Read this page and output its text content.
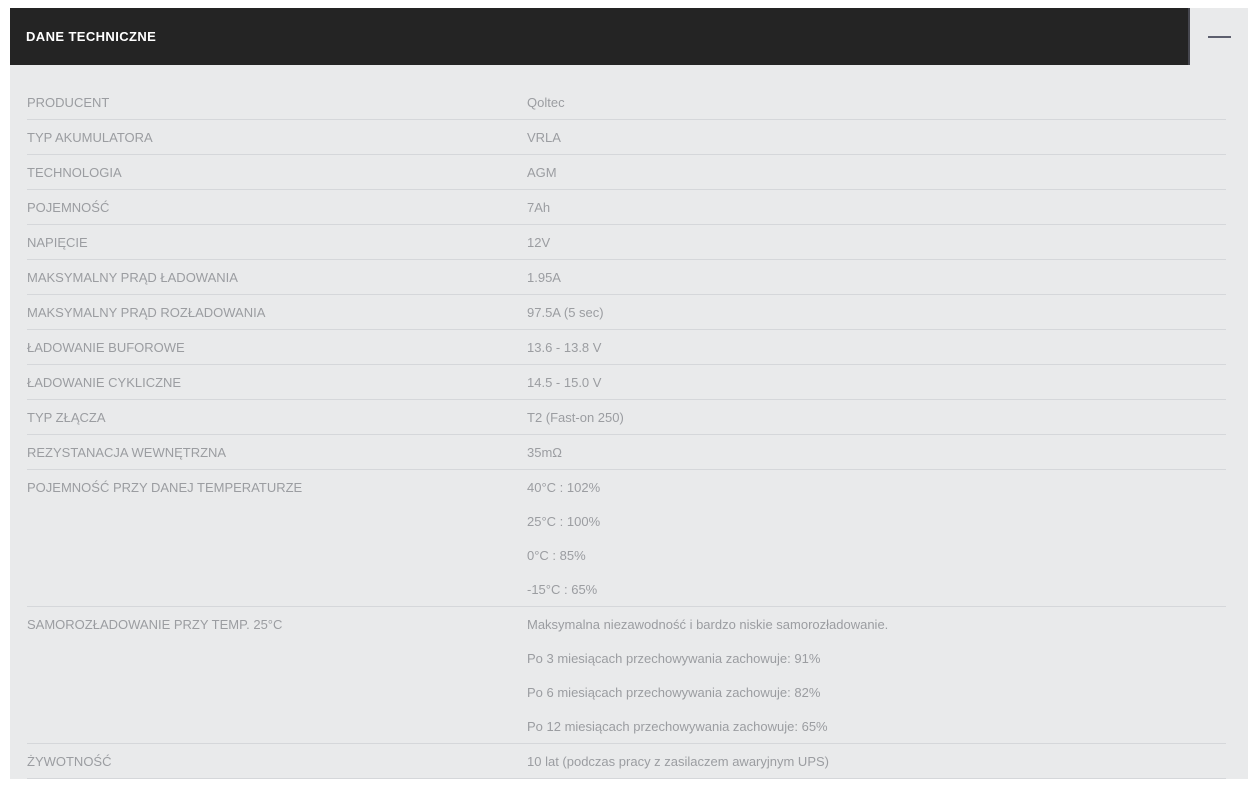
DANE TECHNICZNE
PRODUCENT	Qoltec
TYP AKUMULATORA	VRLA
TECHNOLOGIA	AGM
POJEMNOŚĆ	7Ah
NAPIĘCIE	12V
MAKSYMALNY PRĄD ŁADOWANIA	1.95A
MAKSYMALNY PRĄD ROZŁADOWANIA	97.5A (5 sec)
ŁADOWANIE BUFOROWE	13.6 - 13.8 V
ŁADOWANIE CYKLICZNE	14.5 - 15.0 V
TYP ZŁĄCZA	T2 (Fast-on 250)
REZYSTANACJA WEWNĘTRZNA	35mΩ
POJEMNOŚĆ PRZY DANEJ TEMPERATURZE	40°C : 102%
25°C : 100%
0°C : 85%
-15°C : 65%
SAMOROZŁADOWANIE PRZY TEMP. 25°C	Maksymalna niezawodność i bardzo niskie samorozładowanie.
Po 3 miesiącach przechowywania zachowuje: 91%
Po 6 miesiącach przechowywania zachowuje: 82%
Po 12 miesiącach przechowywania zachowuje: 65%
ŻYWOTNOŚĆ	10 lat (podczas pracy z zasilaczem awaryjnym UPS)
